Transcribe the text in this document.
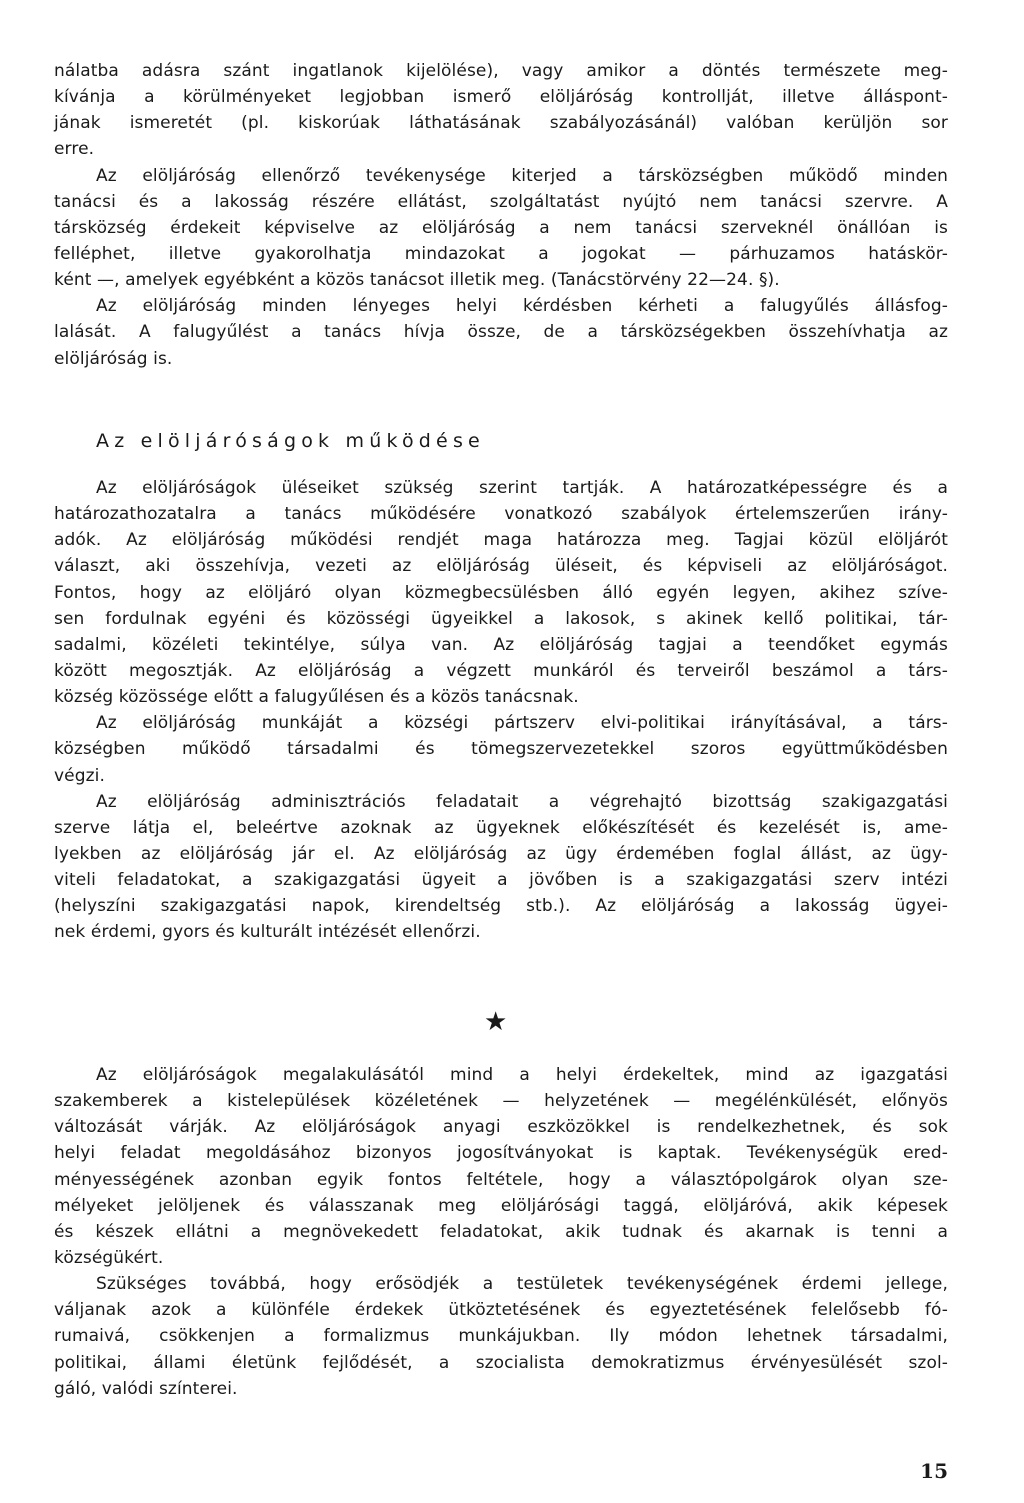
nálatba adásra szánt ingatlanok kijelölése), vagy amikor a döntés természete meg-
kívánja a körülményeket legjobban ismerő elöljáróság kontrollját, illetve álláspont-
jának ismeretét (pl. kiskorúak láthatásának szabályozásánál) valóban kerüljön sor
erre.
Az elöljáróság ellenőrző tevékenysége kiterjed a társközségben működő minden
tanácsi és a lakosság részére ellátást, szolgáltatást nyújtó nem tanácsi szervre. A
társközség érdekeit képviselve az elöljáróság a nem tanácsi szerveknél önállóan is
felléphet, illetve gyakorolhatja mindazokat a jogokat — párhuzamos hatáskör-
ként —, amelyek egyébként a közös tanácsot illetik meg. (Tanácstörvény 22—24. §).
Az elöljáróság minden lényeges helyi kérdésben kérheti a falugyűlés állásfog-
lalását. A falugyűlést a tanács hívja össze, de a társközségekben összehívhatja az
elöljáróság is.
Az elöljáróságok működése
Az elöljáróságok üléseiket szükség szerint tartják. A határozatképességre és a
határozathozatalra a tanács működésére vonatkozó szabályok értelemszerűen irány-
adók. Az elöljáróság működési rendjét maga határozza meg. Tagjai közül elöljárót
választ, aki összehívja, vezeti az elöljáróság üléseit, és képviseli az elöljáróságot.
Fontos, hogy az elöljáró olyan közmegbecsülésben álló egyén legyen, akihez szíve-
sen fordulnak egyéni és közösségi ügyeikkel a lakosok, s akinek kellő politikai, tár-
sadalmi, közéleti tekintélye, súlya van. Az elöljáróság tagjai a teendőket egymás
között megosztják. Az elöljáróság a végzett munkáról és terveiről beszámol a társ-
község közössége előtt a falugyűlésen és a közös tanácsnak.
Az elöljáróság munkáját a községi pártszerv elvi-politikai irányításával, a társ-
községben működő társadalmi és tömegszervezetekkel szoros együttműködésben
végzi.
Az elöljáróság adminisztrációs feladatait a végrehajtó bizottság szakigazgatási
szerve látja el, beleértve azoknak az ügyeknek előkészítését és kezelését is, ame-
lyekben az elöljáróság jár el. Az elöljáróság az ügy érdemében foglal állást, az ügy-
viteli feladatokat, a szakigazgatási ügyeit a jövőben is a szakigazgatási szerv intézi
(helyszíni szakigazgatási napok, kirendeltség stb.). Az elöljáróság a lakosság ügyei-
nek érdemi, gyors és kulturált intézését ellenőrzi.
★
Az elöljáróságok megalakulásától mind a helyi érdekeltek, mind az igazgatási
szakemberek a kistelepülések közéletének — helyzetének — megélénkülését, előnyös
változását várják. Az elöljáróságok anyagi eszközökkel is rendelkezhetnek, és sok
helyi feladat megoldásához bizonyos jogosítványokat is kaptak. Tevékenységük ered-
ményességének azonban egyik fontos feltétele, hogy a választópolgárok olyan sze-
mélyeket jelöljenek és válasszanak meg elöljárósági taggá, elöljáróvá, akik képesek
és készek ellátni a megnövekedett feladatokat, akik tudnak és akarnak is tenni a
községükért.
Szükséges továbbá, hogy erősödjék a testületek tevékenységének érdemi jellege,
váljanak azok a különféle érdekek ütköztetésének és egyeztetésének felelősebb fó-
rumaivá, csökkenjen a formalizmus munkájukban. Ily módon lehetnek társadalmi,
politikai, állami életünk fejlődését, a szocialista demokratizmus érvényesülését szol-
gáló, valódi színterei.
15
